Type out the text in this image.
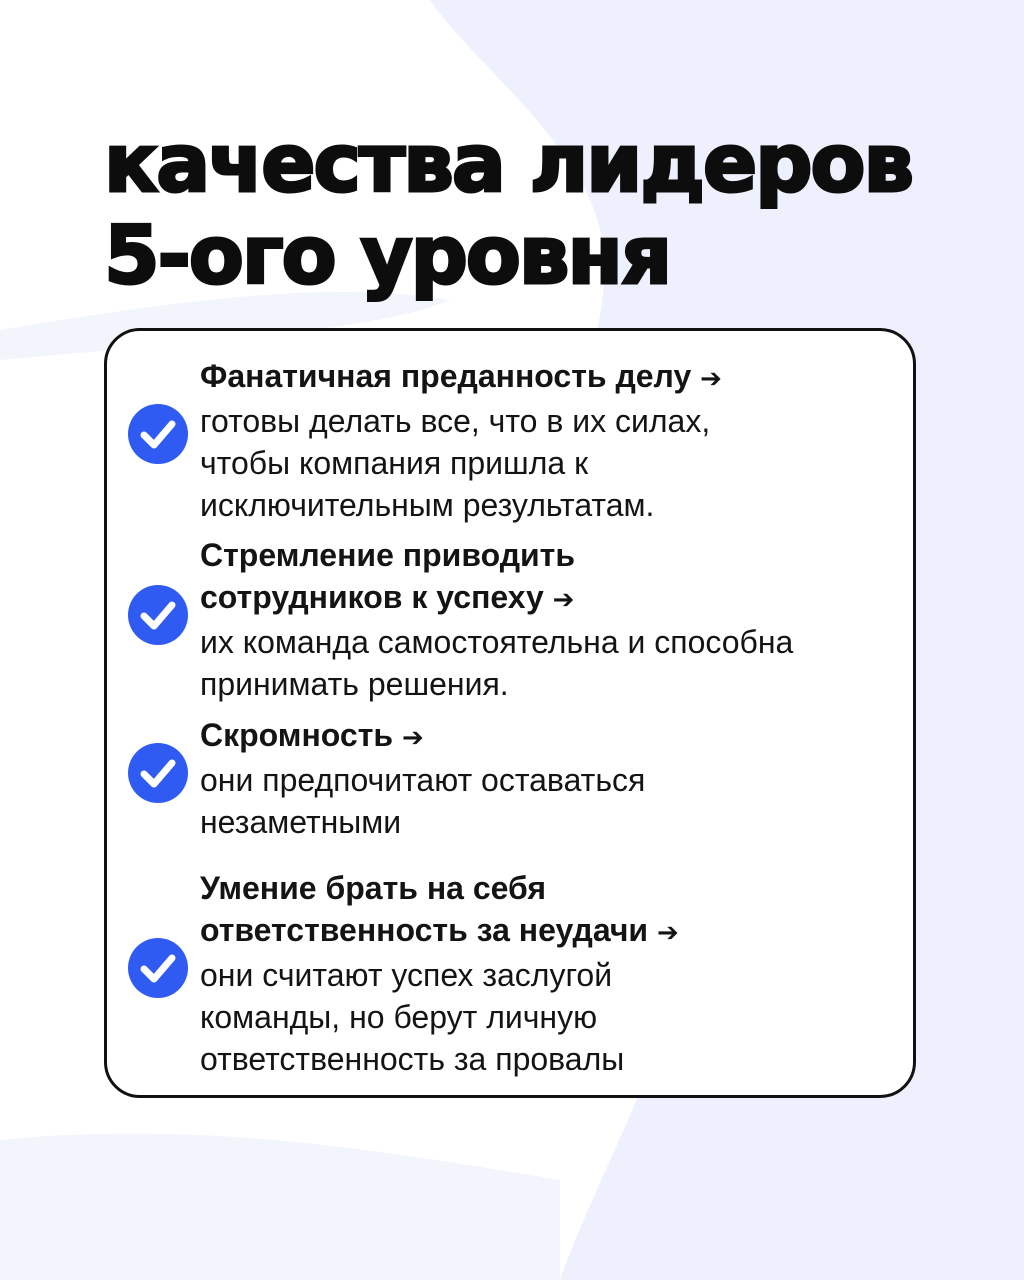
качества лидеров
5-ого уровня
Фанатичная преданность делу ➔
готовы делать все, что в их силах,
чтобы компания пришла к
исключительным результатам.
Стремление приводить
сотрудников к успеху ➔
их команда самостоятельна и способна
принимать решения.
Скромность ➔
они предпочитают оставаться
незаметными
Умение брать на себя
ответственность за неудачи ➔
они считают успех заслугой
команды, но берут личную
ответственность за провалы
